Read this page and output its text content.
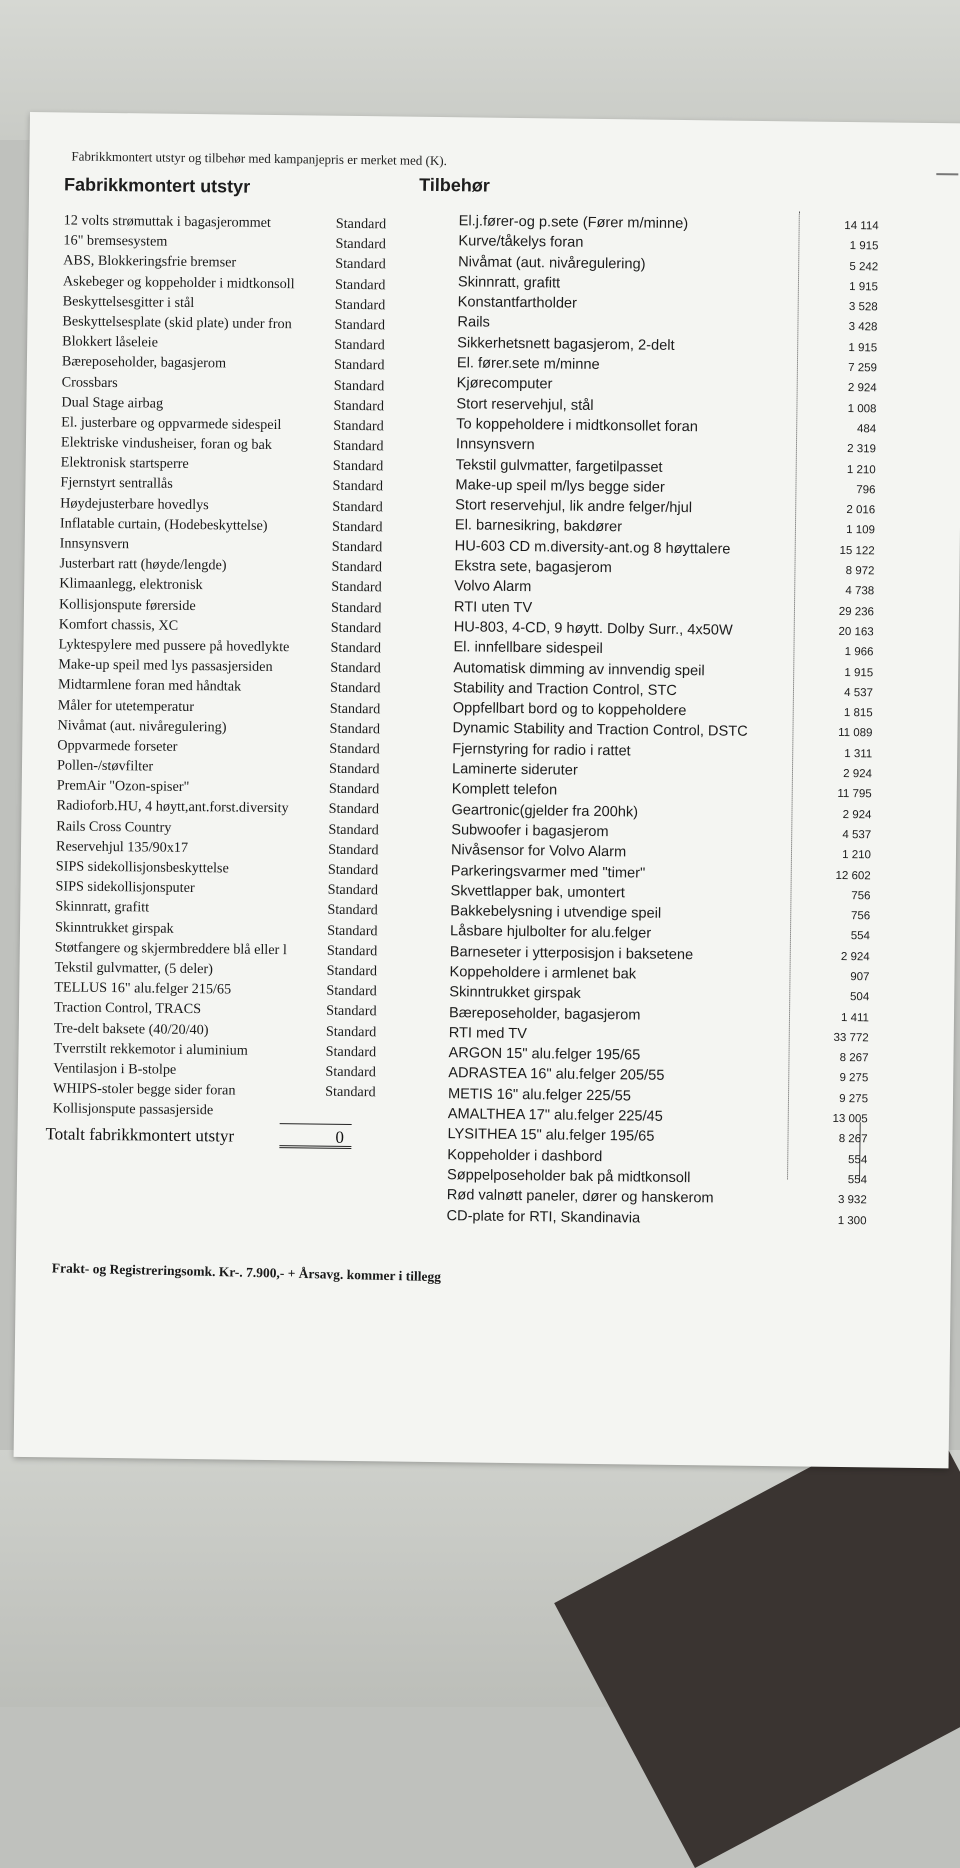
Fabrikkmontert utstyr og tilbehør med kampanjepris er merket med (K).
Fabrikkmontert utstyr	Tilbehør
12 volts strømuttak i bagasjerommet	Standard
16" bremsesystem	Standard
ABS, Blokkeringsfrie bremser	Standard
Askebeger og koppeholder i midtkonsoll	Standard
Beskyttelsesgitter i stål	Standard
Beskyttelsesplate (skid plate) under fron	Standard
Blokkert låseleie	Standard
Bæreposeholder, bagasjerom	Standard
Crossbars	Standard
Dual Stage airbag	Standard
El. justerbare og oppvarmede sidespeil	Standard
Elektriske vindusheiser, foran og bak	Standard
Elektronisk startsperre	Standard
Fjernstyrt sentrallås	Standard
Høydejusterbare hovedlys	Standard
Inflatable curtain, (Hodebeskyttelse)	Standard
Innsynsvern	Standard
Justerbart ratt (høyde/lengde)	Standard
Klimaanlegg, elektronisk	Standard
Kollisjonspute førerside	Standard
Komfort chassis, XC	Standard
Lyktespylere med pussere på hovedlykte	Standard
Make-up speil med lys passasjersiden	Standard
Midtarmlene foran med håndtak	Standard
Måler for utetemperatur	Standard
Nivåmat (aut. nivåregulering)	Standard
Oppvarmede forseter	Standard
Pollen-/støvfilter	Standard
PremAir "Ozon-spiser"	Standard
Radioforb.HU, 4 høytt,ant.forst.diversity	Standard
Rails Cross Country	Standard
Reservehjul 135/90x17	Standard
SIPS sidekollisjonsbeskyttelse	Standard
SIPS sidekollisjonsputer	Standard
Skinnratt, grafitt	Standard
Skinntrukket girspak	Standard
Støtfangere og skjermbreddere blå eller l	Standard
Tekstil gulvmatter, (5 deler)	Standard
TELLUS 16" alu.felger 215/65	Standard
Traction Control, TRACS	Standard
Tre-delt baksete (40/20/40)	Standard
Tverrstilt rekkemotor i aluminium	Standard
Ventilasjon i B-stolpe	Standard
WHIPS-stoler begge sider foran	Standard
Kollisjonspute passasjerside
Totalt fabrikkmontert utstyr	0
El.j.fører-og p.sete (Fører m/minne)	14 114
Kurve/tåkelys foran	1 915
Nivåmat (aut. nivåregulering)	5 242
Skinnratt, grafitt	1 915
Konstantfartholder	3 528
Rails	3 428
Sikkerhetsnett bagasjerom, 2-delt	1 915
El. fører.sete m/minne	7 259
Kjørecomputer	2 924
Stort reservehjul, stål	1 008
To koppeholdere i midtkonsollet foran	484
Innsynsvern	2 319
Tekstil gulvmatter, fargetilpasset	1 210
Make-up speil m/lys begge sider	796
Stort reservehjul, lik andre felger/hjul	2 016
El. barnesikring, bakdører	1 109
HU-603 CD m.diversity-ant.og 8 høyttalere	15 122
Ekstra sete, bagasjerom	8 972
Volvo Alarm	4 738
RTI uten TV	29 236
HU-803, 4-CD, 9 høytt. Dolby Surr., 4x50W	20 163
El. innfellbare sidespeil	1 966
Automatisk dimming av innvendig speil	1 915
Stability and Traction Control, STC	4 537
Oppfellbart bord og to koppeholdere	1 815
Dynamic Stability and Traction Control, DSTC	11 089
Fjernstyring for radio i rattet	1 311
Laminerte sideruter	2 924
Komplett telefon	11 795
Geartronic(gjelder fra 200hk)	2 924
Subwoofer i bagasjerom	4 537
Nivåsensor for Volvo Alarm	1 210
Parkeringsvarmer med "timer"	12 602
Skvettlapper bak, umontert	756
Bakkebelysning i utvendige speil	756
Låsbare hjulbolter for alu.felger	554
Barneseter i ytterposisjon i baksetene	2 924
Koppeholdere i armlenet bak	907
Skinntrukket girspak	504
Bæreposeholder, bagasjerom	1 411
RTI med TV	33 772
ARGON 15" alu.felger 195/65	8 267
ADRASTEA 16" alu.felger 205/55	9 275
METIS 16" alu.felger 225/55	9 275
AMALTHEA 17" alu.felger 225/45	13 005
LYSITHEA 15" alu.felger 195/65	8 267
Koppeholder i dashbord	554
Søppelposeholder bak på midtkonsoll	554
Rød valnøtt paneler, dører og hanskerom	3 932
CD-plate for RTI, Skandinavia	1 300
Frakt- og Registreringsomk. Kr-. 7.900,- + Årsavg. kommer i tillegg
